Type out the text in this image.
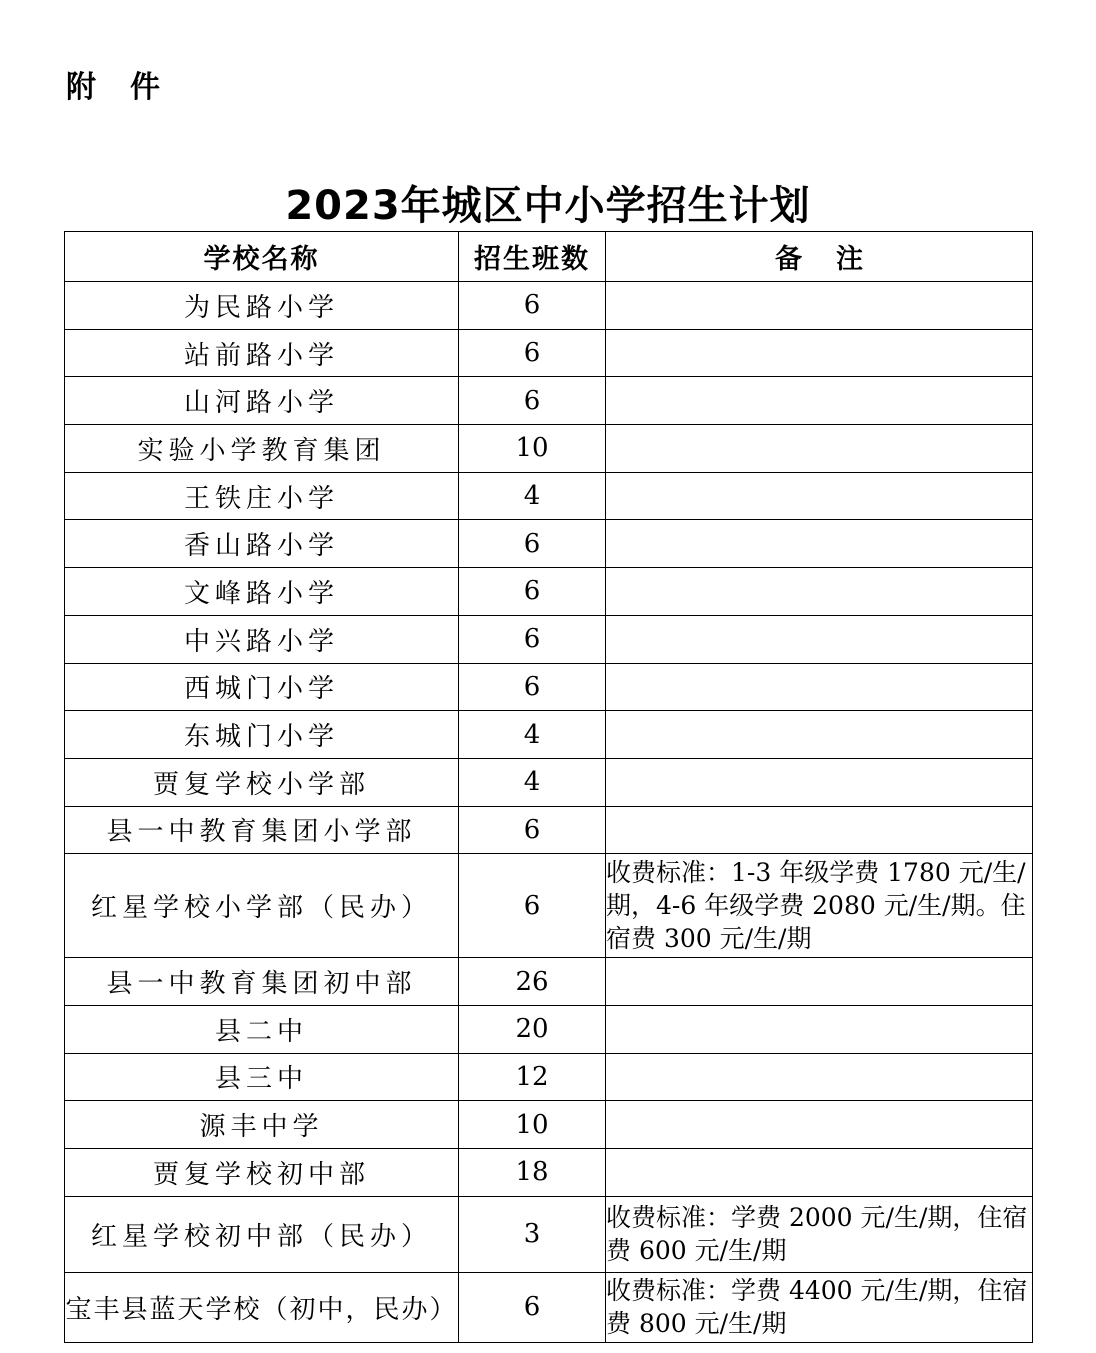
附　件
2023年城区中小学招生计划
学校名称	招生班数	备注
为民路小学	6	
站前路小学	6	
山河路小学	6	
实验小学教育集团	10	
王铁庄小学	4	
香山路小学	6	
文峰路小学	6	
中兴路小学	6	
西城门小学	6	
东城门小学	4	
贾复学校小学部	4	
县一中教育集团小学部	6	
红星学校小学部（民办）	6	收费标准：1-3 年级学费 1780 元/生/期，4-6 年级学费 2080 元/生/期。住宿费 300 元/生/期
县一中教育集团初中部	26	
县二中	20	
县三中	12	
源丰中学	10	
贾复学校初中部	18	
红星学校初中部（民办）	3	收费标准：学费 2000 元/生/期，住宿费 600 元/生/期
宝丰县蓝天学校（初中，民办）	6	收费标准：学费 4400 元/生/期，住宿费 800 元/生/期
